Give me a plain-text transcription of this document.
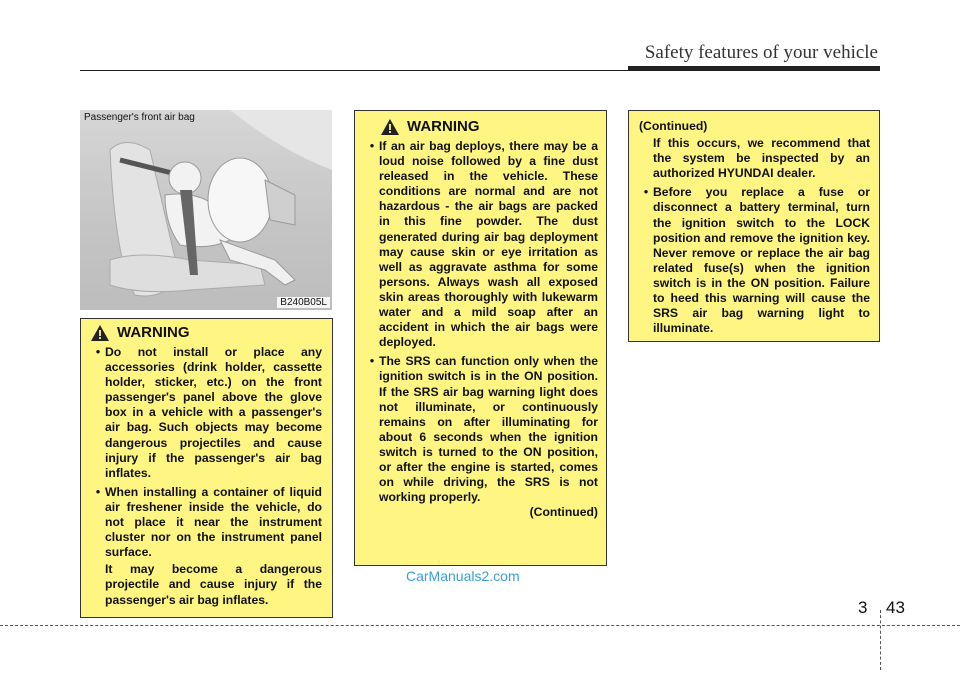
Safety features of your vehicle
B240B05L
Passenger's front air bag
WARNING
• Do not install or place any accessories (drink holder, cassette holder, sticker, etc.) on the front passenger's panel above the glove box in a vehicle with a passenger's air bag. Such objects may become dangerous projectiles and cause injury if the passenger's air bag inflates.
• When installing a container of liquid air freshener inside the vehicle, do not place it near the instrument cluster nor on the instrument panel surface.
It may become a dangerous projectile and cause injury if the passenger's air bag inflates.
WARNING
• If an air bag deploys, there may be a loud noise followed by a fine dust released in the vehicle. These conditions are normal and are not hazardous - the air bags are packed in this fine powder. The dust generated during air bag deployment may cause skin or eye irritation as well as aggravate asthma for some persons. Always wash all exposed skin areas thoroughly with lukewarm water and a mild soap after an accident in which the air bags were deployed.
• The SRS can function only when the ignition switch is in the ON position. If the SRS air bag warning light does not illuminate, or continuously remains on after illuminating for about 6 seconds when the ignition switch is turned to the ON position, or after the engine is started, comes on while driving, the SRS is not working properly.
(Continued)
(Continued)
If this occurs, we recommend that the system be inspected by an authorized HYUNDAI dealer.
• Before you replace a fuse or disconnect a battery terminal, turn the ignition switch to the LOCK position and remove the ignition key. Never remove or replace the air bag related fuse(s) when the ignition switch is in the ON position. Failure to heed this warning will cause the SRS air bag warning light to illuminate.
CarManuals2.com
3 43
